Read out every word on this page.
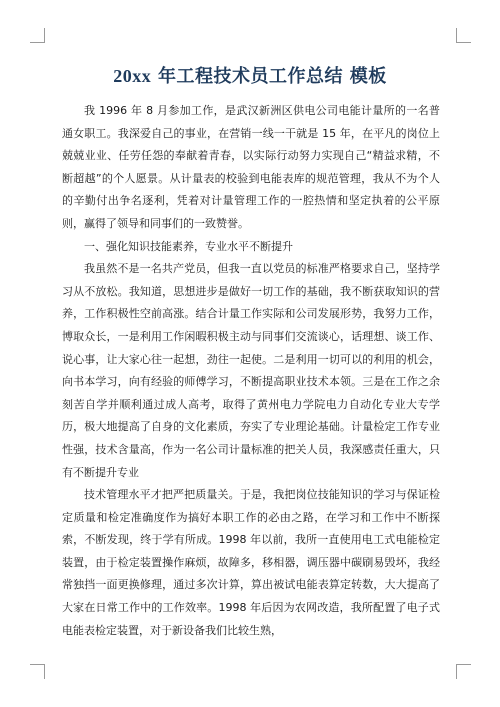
20xx 年工程技术员工作总结 模板

我 1996 年 8 月参加工作，是武汉新洲区供电公司电能计量所的一名普通女职工。我深爱自己的事业，在营销一线一干就是 15 年，在平凡的岗位上兢兢业业、任劳任怨的奉献着青春，以实际行动努力实现自己“精益求精，不断超越”的个人愿景。从计量表的校验到电能表库的规范管理，我从不为个人的辛勤付出争名逐利，凭着对计量管理工作的一腔热情和坚定执着的公平原则，赢得了领导和同事们的一致赞誉。

一、强化知识技能素养，专业水平不断提升

我虽然不是一名共产党员，但我一直以党员的标准严格要求自己，坚持学习从不放松。我知道，思想进步是做好一切工作的基础，我不断获取知识的营养，工作积极性空前高涨。结合计量工作实际和公司发展形势，我努力工作，博取众长，一是利用工作闲暇积极主动与同事们交流谈心，话理想、谈工作、说心事，让大家心往一起想，劲往一起使。二是利用一切可以的利用的机会，向书本学习，向有经验的师傅学习，不断提高职业技术本领。三是在工作之余刻苦自学并顺利通过成人高考，取得了黄州电力学院电力自动化专业大专学历，极大地提高了自身的文化素质，夯实了专业理论基础。计量检定工作专业性强，技术含量高，作为一名公司计量标准的把关人员，我深感责任重大，只有不断提升专业

技术管理水平才把严把质量关。于是，我把岗位技能知识的学习与保证检定质量和检定准确度作为搞好本职工作的必由之路，在学习和工作中不断探索，不断发现，终于学有所成。1998 年以前，我所一直使用电工式电能检定装置，由于检定装置操作麻烦，故障多，移相器，调压器中碳刷易毁坏，我经常独挡一面更换修理，通过多次计算，算出被试电能表算定转数，大大提高了大家在日常工作中的工作效率。1998 年后因为农网改造，我所配置了电子式电能表检定装置，对于新设备我们比较生熟，
